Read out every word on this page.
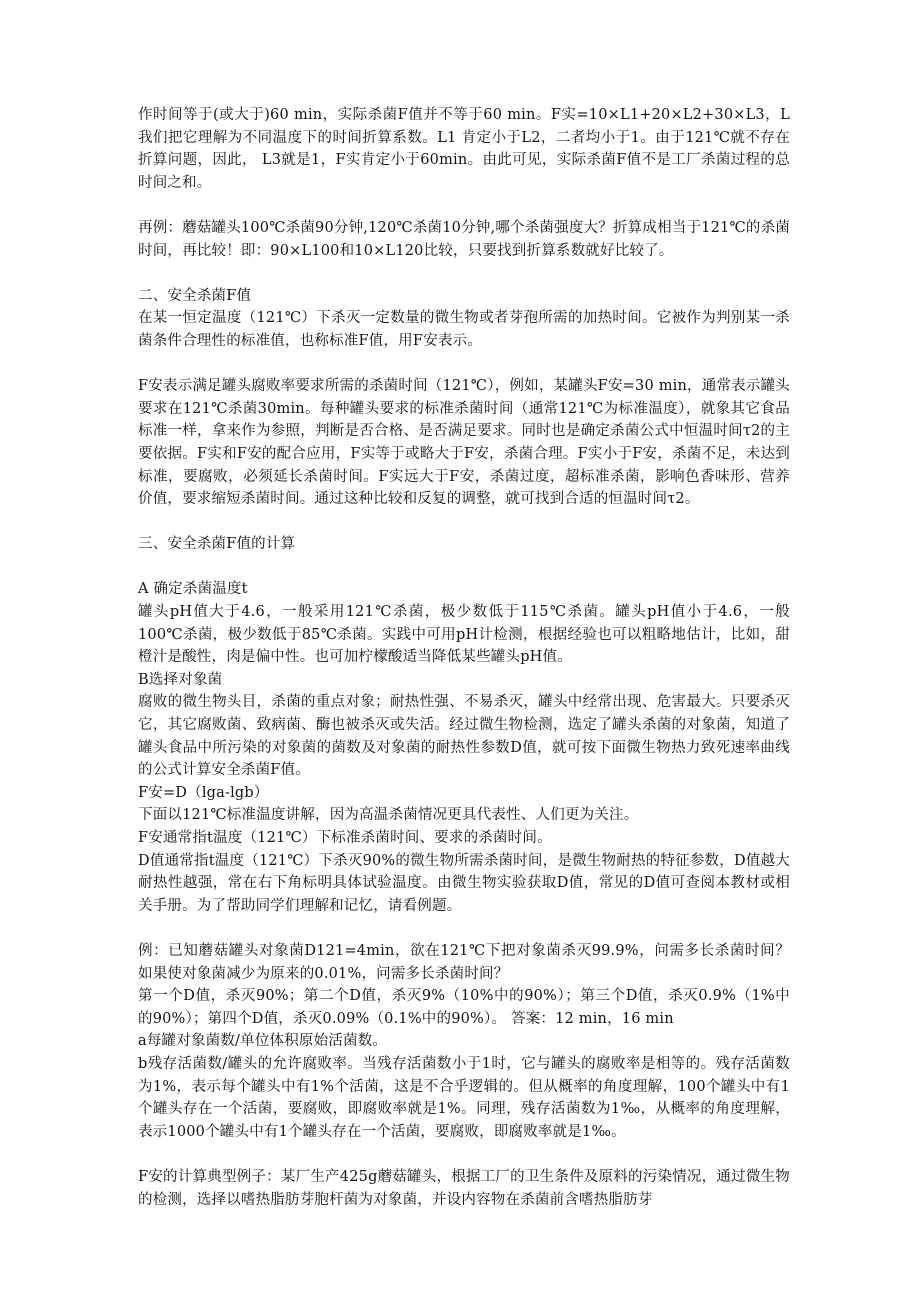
作时间等于(或大于)60 min，实际杀菌F值并不等于60 min。F实=10×L1+20×L2+30×L3，L我们把它理解为不同温度下的时间折算系数。L1 肯定小于L2，二者均小于1。由于121℃就不存在折算问题，因此， L3就是1，F实肯定小于60min。由此可见，实际杀菌F值不是工厂杀菌过程的总时间之和。
再例：蘑菇罐头100℃杀菌90分钟,120℃杀菌10分钟,哪个杀菌强度大？折算成相当于121℃的杀菌时间，再比较！即：90×L100和10×L120比较，只要找到折算系数就好比较了。
二、安全杀菌F值
在某一恒定温度（121℃）下杀灭一定数量的微生物或者芽孢所需的加热时间。它被作为判别某一杀菌条件合理性的标准值，也称标准F值，用F安表示。
F安表示满足罐头腐败率要求所需的杀菌时间（121℃），例如，某罐头F安=30 min，通常表示罐头要求在121℃杀菌30min。每种罐头要求的标准杀菌时间（通常121℃为标准温度），就象其它食品标准一样，拿来作为参照，判断是否合格、是否满足要求。同时也是确定杀菌公式中恒温时间τ2的主要依据。F实和F安的配合应用，F实等于或略大于F安，杀菌合理。F实小于F安，杀菌不足，未达到标准，要腐败，必须延长杀菌时间。F实远大于F安，杀菌过度，超标准杀菌，影响色香味形、营养价值，要求缩短杀菌时间。通过这种比较和反复的调整，就可找到合适的恒温时间τ2。
三、安全杀菌F值的计算
A 确定杀菌温度t
罐头pH值大于4.6，一般采用121℃杀菌，极少数低于115℃杀菌。罐头pH值小于4.6，一般100℃杀菌，极少数低于85℃杀菌。实践中可用pH计检测，根据经验也可以粗略地估计，比如，甜橙汁是酸性，肉是偏中性。也可加柠檬酸适当降低某些罐头pH值。
B选择对象菌
腐败的微生物头目，杀菌的重点对象；耐热性强、不易杀灭，罐头中经常出现、危害最大。只要杀灭它，其它腐败菌、致病菌、酶也被杀灭或失活。经过微生物检测，选定了罐头杀菌的对象菌，知道了罐头食品中所污染的对象菌的菌数及对象菌的耐热性参数D值，就可按下面微生物热力致死速率曲线的公式计算安全杀菌F值。
F安=D（lga-lgb）
下面以121℃标准温度讲解，因为高温杀菌情况更具代表性、人们更为关注。
F安通常指t温度（121℃）下标准杀菌时间、要求的杀菌时间。
D值通常指t温度（121℃）下杀灭90%的微生物所需杀菌时间，是微生物耐热的特征参数，D值越大耐热性越强，常在右下角标明具体试验温度。由微生物实验获取D值，常见的D值可查阅本教材或相关手册。为了帮助同学们理解和记忆，请看例题。
例：已知蘑菇罐头对象菌D121=4min，欲在121℃下把对象菌杀灭99.9%，问需多长杀菌时间？如果使对象菌减少为原来的0.01%，问需多长杀菌时间？
第一个D值，杀灭90%；第二个D值，杀灭9%（10%中的90%）；第三个D值，杀灭0.9%（1%中的90%）；第四个D值，杀灭0.09%（0.1%中的90%）。 答案：12 min，16 min
a每罐对象菌数/单位体积原始活菌数。
b残存活菌数/罐头的允许腐败率。当残存活菌数小于1时，它与罐头的腐败率是相等的。残存活菌数为1%，表示每个罐头中有1%个活菌，这是不合乎逻辑的。但从概率的角度理解，100个罐头中有1个罐头存在一个活菌，要腐败，即腐败率就是1%。同理，残存活菌数为1‰，从概率的角度理解，表示1000个罐头中有1个罐头存在一个活菌，要腐败，即腐败率就是1‰。
F安的计算典型例子：某厂生产425g蘑菇罐头，根据工厂的卫生条件及原料的污染情况，通过微生物的检测，选择以嗜热脂肪芽胞杆菌为对象菌，并设内容物在杀菌前含嗜热脂肪芽
